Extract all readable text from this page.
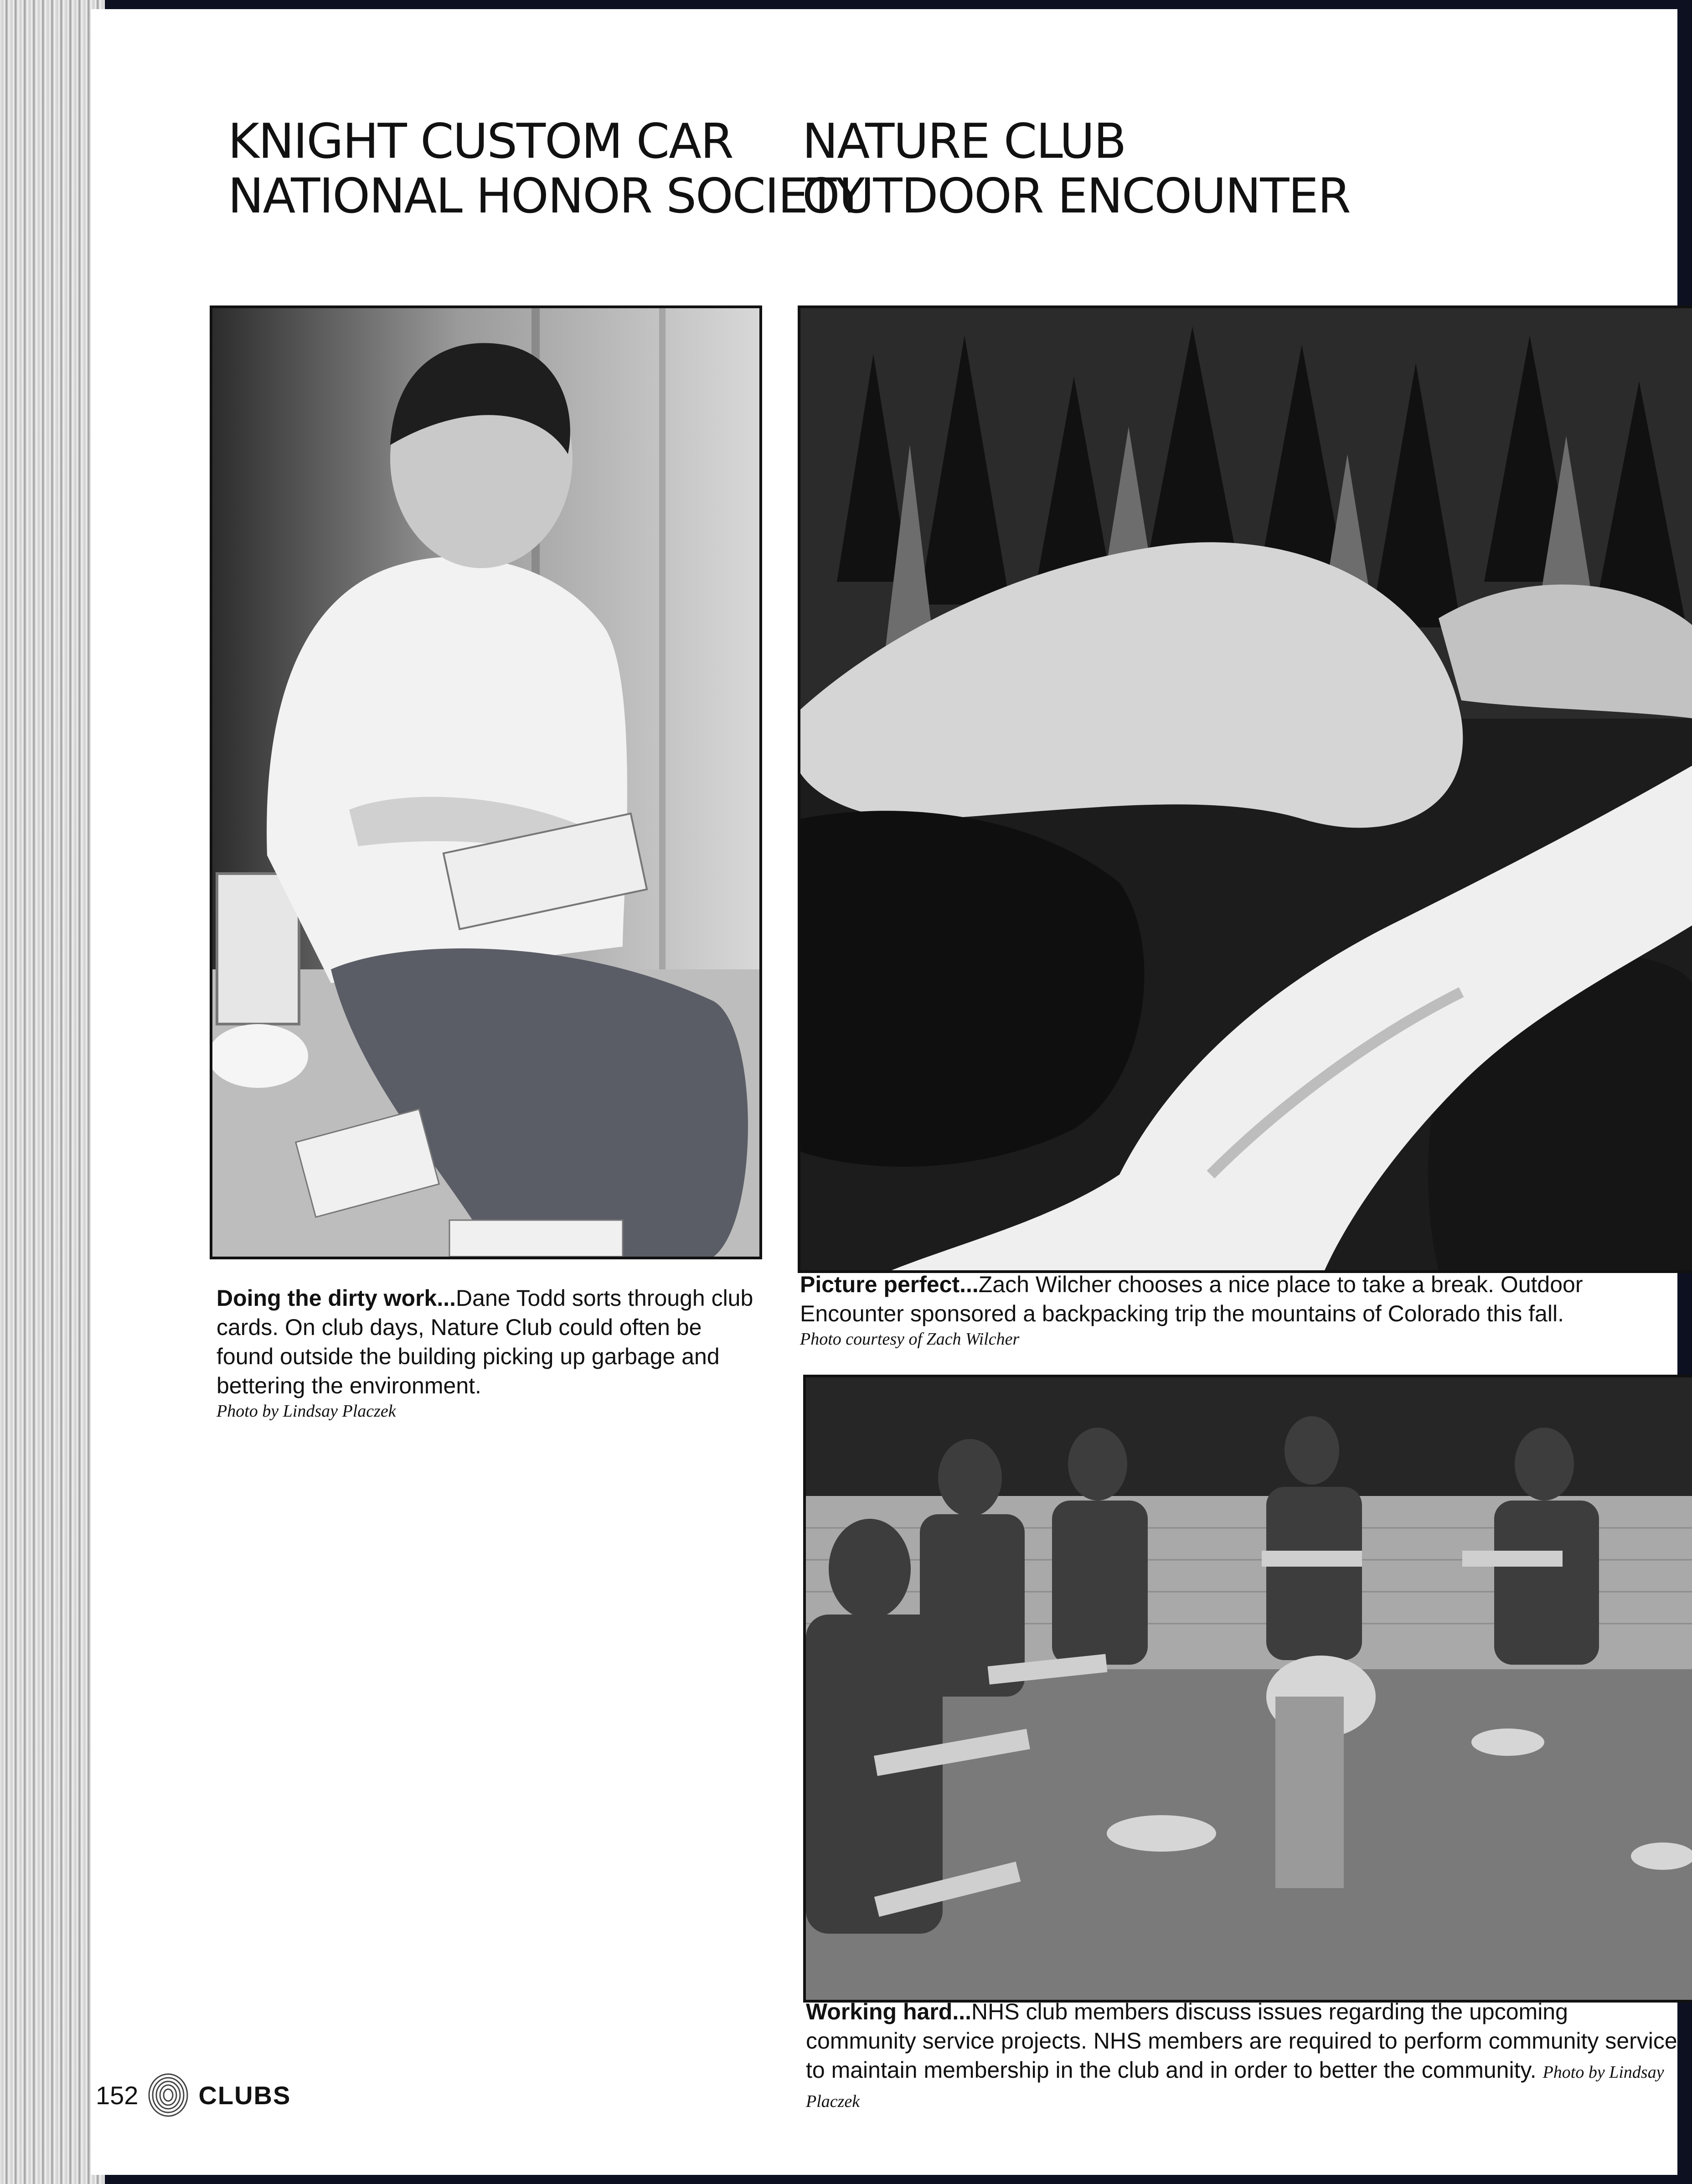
KNIGHT CUSTOM CAR
NATIONAL HONOR SOCIETY
NATURE CLUB
OUTDOOR ENCOUNTER
Doing the dirty work...Dane Todd sorts through club cards. On club days, Nature Club could often be found outside the building picking up garbage and bettering the environment.
Photo by Lindsay Placzek
Picture perfect...Zach Wilcher chooses a nice place to take a break. Outdoor Encounter sponsored a backpacking trip the mountains of Colorado this fall.
Photo courtesy of Zach Wilcher
Working hard...NHS club members discuss issues regarding the upcoming community service projects. NHS members are required to perform community service to maintain membership in the club and in order to better the community. Photo by Lindsay Placzek
152 CLUBS
